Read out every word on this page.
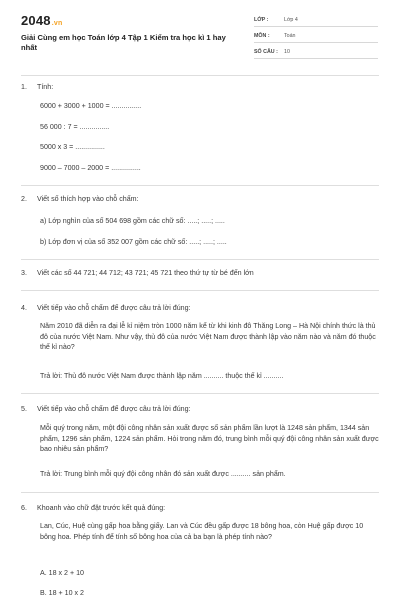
2048.vn
Giải Cùng em học Toán lớp 4 Tập 1 Kiểm tra học kì 1 hay nhất
LỚP :	Lớp 4
MÔN :	Toán
SỐ CÂU : 10
1. Tính:
6000 + 3000 + 1000 = ...............
56 000 : 7 = ...............
5000 x 3 = ...............
9000 – 7000 – 2000 = ...............
2. Viết số thích hợp vào chỗ chấm:
a) Lớp nghìn của số 504 698 gồm các chữ số: .....; .....; .....
b) Lớp đơn vị của số 352 007 gồm các chữ số: .....; .....; .....
3. Viết các số 44 721; 44 712; 43 721; 45 721 theo thứ tự từ bé đến lớn
4. Viết tiếp vào chỗ chấm để được câu trả lời đúng:
Năm 2010 đã diễn ra đại lễ kỉ niệm tròn 1000 năm kể từ khi kinh đô Thăng Long – Hà Nội chính thức là thủ đô của nước Việt Nam. Như vậy, thủ đô của nước Việt Nam được thành lập vào năm nào và năm đó thuộc thế kỉ nào?
Trả lời: Thủ đô nước Việt Nam được thành lập năm .......... thuộc thế kỉ ..........
5. Viết tiếp vào chỗ chấm để được câu trả lời đúng:
Mỗi quý trong năm, một đội công nhân sản xuất được số sản phẩm lần lượt là 1248 sản phẩm, 1344 sản phẩm, 1296 sản phẩm, 1224 sản phẩm. Hỏi trong năm đó, trung bình mỗi quý đội công nhân sản xuất được bao nhiêu sản phẩm?
Trả lời: Trung bình mỗi quý đội công nhân đó sản xuất được .......... sản phẩm.
6. Khoanh vào chữ đặt trước kết quả đúng:
Lan, Cúc, Huệ cùng gấp hoa bằng giấy. Lan và Cúc đều gấp được 18 bông hoa, còn Huệ gấp được 10 bông hoa. Phép tính để tính số bông hoa của cả ba bạn là phép tính nào?
A. 18 x 2 + 10
B. 18 + 10 x 2
